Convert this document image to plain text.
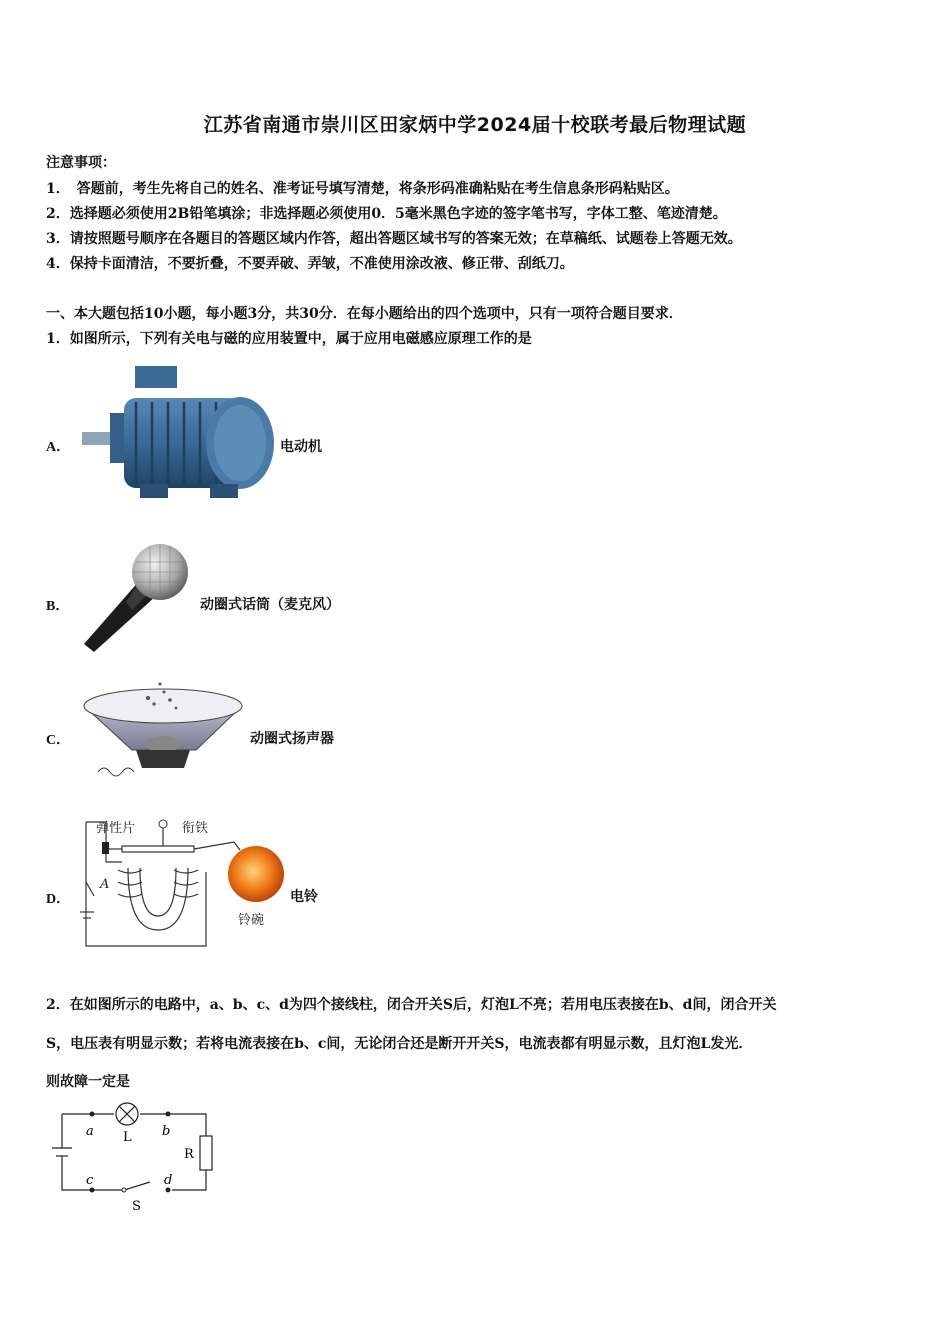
江苏省南通市崇川区田家炳中学2024届十校联考最后物理试题
注意事项：
1．　答题前，考生先将自己的姓名、准考证号填写清楚，将条形码准确粘贴在考生信息条形码粘贴区。
2．选择题必须使用2B铅笔填涂；非选择题必须使用0．5毫米黑色字迹的签字笔书写，字体工整、笔迹清楚。
3．请按照题号顺序在各题目的答题区域内作答，超出答题区域书写的答案无效；在草稿纸、试题卷上答题无效。
4．保持卡面清洁，不要折叠，不要弄破、弄皱，不准使用涂改液、修正带、刮纸刀。
一、本大题包括10小题，每小题3分，共30分．在每小题给出的四个选项中，只有一项符合题目要求．
1．如图所示，下列有关电与磁的应用装置中，属于应用电磁感应原理工作的是
A．	电动机
B．	动圈式话筒（麦克风）
C．	动圈式扬声器
D．
弹性片	衔铁
A
铃碗
电铃
2．在如图所示的电路中，a、b、c、d为四个接线柱，闭合开关S后，灯泡L不亮；若用电压表接在b、d间，闭合开关
S，电压表有明显示数；若将电流表接在b、c间，无论闭合还是断开开关S，电流表都有明显示数，且灯泡L发光．
则故障一定是
a	b
c	d
L
R
S
